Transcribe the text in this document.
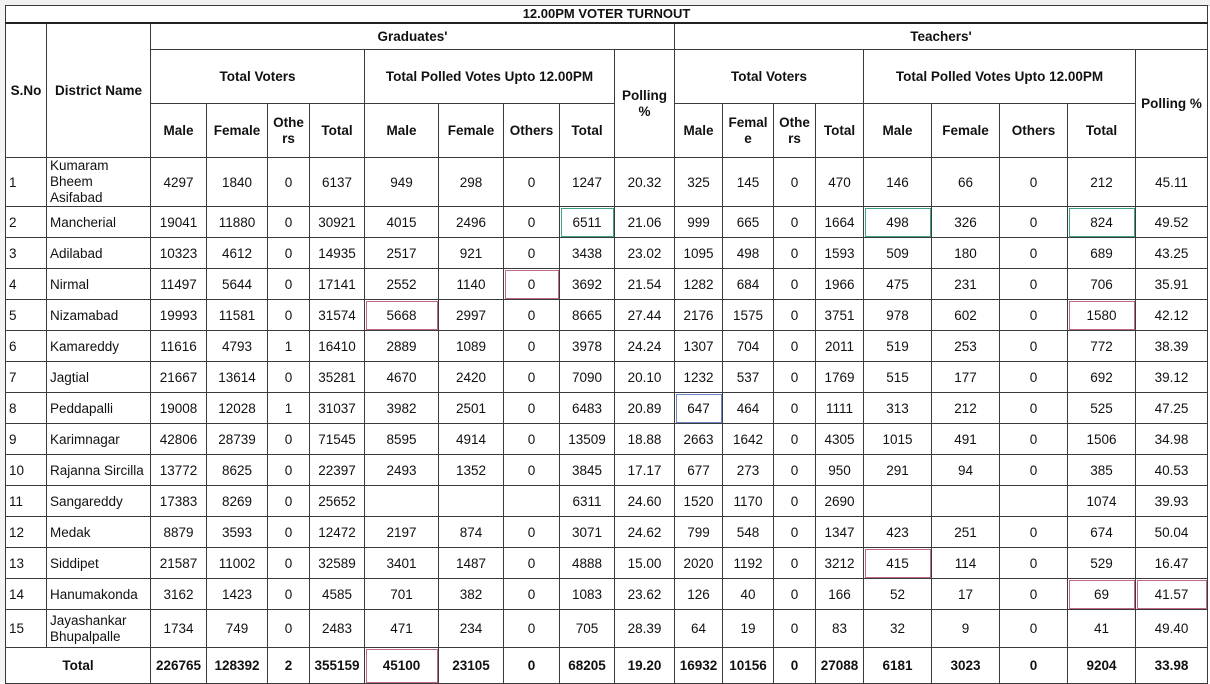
12.00PM VOTER TURNOUT																			
S.No	District Name	Graduates'									Teachers'								
		Total Voters				Total Polled Votes Upto 12.00PM				Polling %	Total Voters				Total Polled Votes Upto 12.00PM				Polling %
		Male	Female	Othe rs	Total	Male	Female	Others	Total		Male	Femal e	Othe rs	Total	Male	Female	Others	Total	
1	Kumaram Bheem Asifabad	4297	1840	0	6137	949	298	0	1247	20.32	325	145	0	470	146	66	0	212	45.11
2	Mancherial	19041	11880	0	30921	4015	2496	0	6511	21.06	999	665	0	1664	498	326	0	824	49.52
3	Adilabad	10323	4612	0	14935	2517	921	0	3438	23.02	1095	498	0	1593	509	180	0	689	43.25
4	Nirmal	11497	5644	0	17141	2552	1140	0	3692	21.54	1282	684	0	1966	475	231	0	706	35.91
5	Nizamabad	19993	11581	0	31574	5668	2997	0	8665	27.44	2176	1575	0	3751	978	602	0	1580	42.12
6	Kamareddy	11616	4793	1	16410	2889	1089	0	3978	24.24	1307	704	0	2011	519	253	0	772	38.39
7	Jagtial	21667	13614	0	35281	4670	2420	0	7090	20.10	1232	537	0	1769	515	177	0	692	39.12
8	Peddapalli	19008	12028	1	31037	3982	2501	0	6483	20.89	647	464	0	1111	313	212	0	525	47.25
9	Karimnagar	42806	28739	0	71545	8595	4914	0	13509	18.88	2663	1642	0	4305	1015	491	0	1506	34.98
10	Rajanna Sircilla	13772	8625	0	22397	2493	1352	0	3845	17.17	677	273	0	950	291	94	0	385	40.53
11	Sangareddy	17383	8269	0	25652				6311	24.60	1520	1170	0	2690				1074	39.93
12	Medak	8879	3593	0	12472	2197	874	0	3071	24.62	799	548	0	1347	423	251	0	674	50.04
13	Siddipet	21587	11002	0	32589	3401	1487	0	4888	15.00	2020	1192	0	3212	415	114	0	529	16.47
14	Hanumakonda	3162	1423	0	4585	701	382	0	1083	23.62	126	40	0	166	52	17	0	69	41.57
15	Jayashankar Bhupalpalle	1734	749	0	2483	471	234	0	705	28.39	64	19	0	83	32	9	0	41	49.40
Total		226765	128392	2	355159	45100	23105	0	68205	19.20	16932	10156	0	27088	6181	3023	0	9204	33.98
